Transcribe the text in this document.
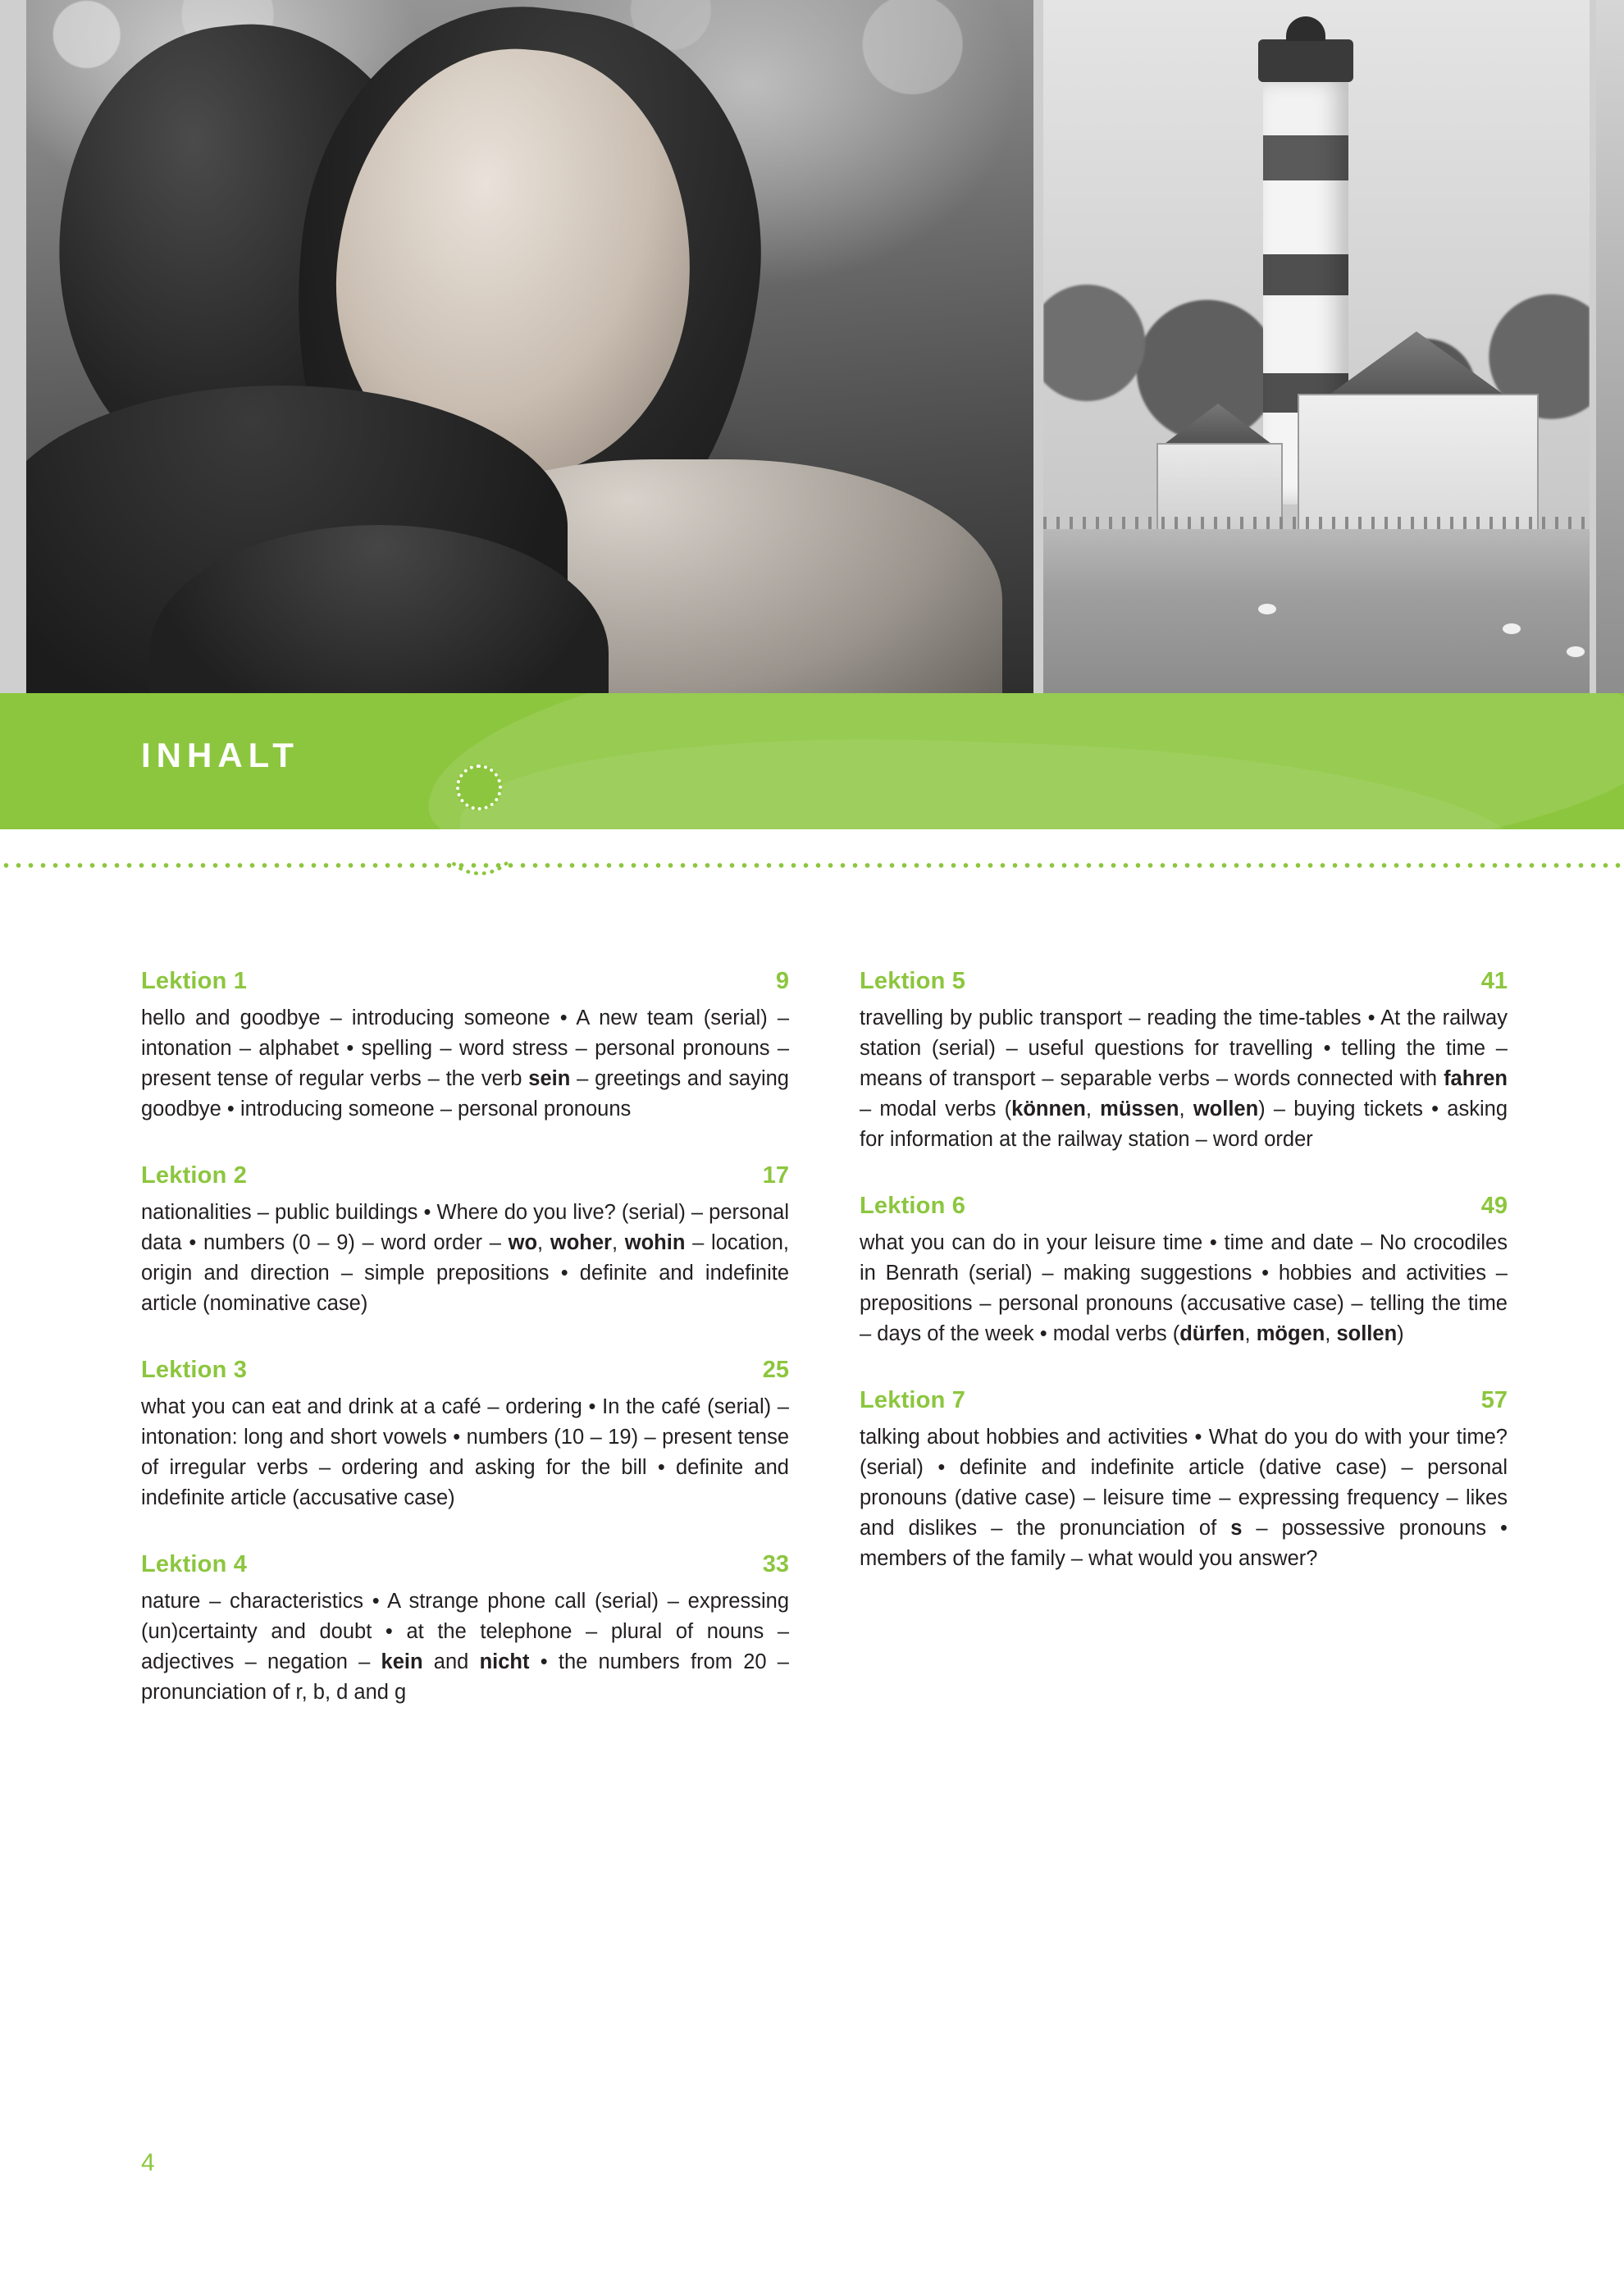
INHALT
Lektion 1	9
hello and goodbye – introducing someone • A new team (serial) – intonation – alphabet • spelling – word stress – personal pronouns – present tense of regular verbs – the verb sein – greetings and saying goodbye • introducing someone – personal pronouns
Lektion 2	17
nationalities – public buildings • Where do you live? (serial) – personal data • numbers (0 – 9) – word order – wo, woher, wohin – location, origin and direction – simple prepositions • definite and indefinite article (nominative case)
Lektion 3	25
what you can eat and drink at a café – ordering • In the café (serial) – intonation: long and short vowels • numbers (10 – 19) – present tense of irregular verbs – ordering and asking for the bill • definite and indefinite article (accusative case)
Lektion 4	33
nature – characteristics • A strange phone call (serial) – expressing (un)certainty and doubt • at the telephone – plural of nouns – adjectives – negation – kein and nicht • the numbers from 20 – pronunciation of r, b, d and g
Lektion 5	41
travelling by public transport – reading the time-tables • At the railway station (serial) – useful questions for travelling • telling the time – means of transport – separable verbs – words connected with fahren – modal verbs (können, müssen, wollen) – buying tickets • asking for information at the railway station – word order
Lektion 6	49
what you can do in your leisure time • time and date – No crocodiles in Benrath (serial) – making suggestions • hobbies and activities – prepositions – personal pronouns (accusative case) – telling the time – days of the week • modal verbs (dürfen, mögen, sollen)
Lektion 7	57
talking about hobbies and activities • What do you do with your time? (serial) • definite and indefinite article (dative case) – personal pronouns (dative case) – leisure time – expressing frequency – likes and dislikes – the pronunciation of s – possessive pronouns • members of the family – what would you answer?
4
